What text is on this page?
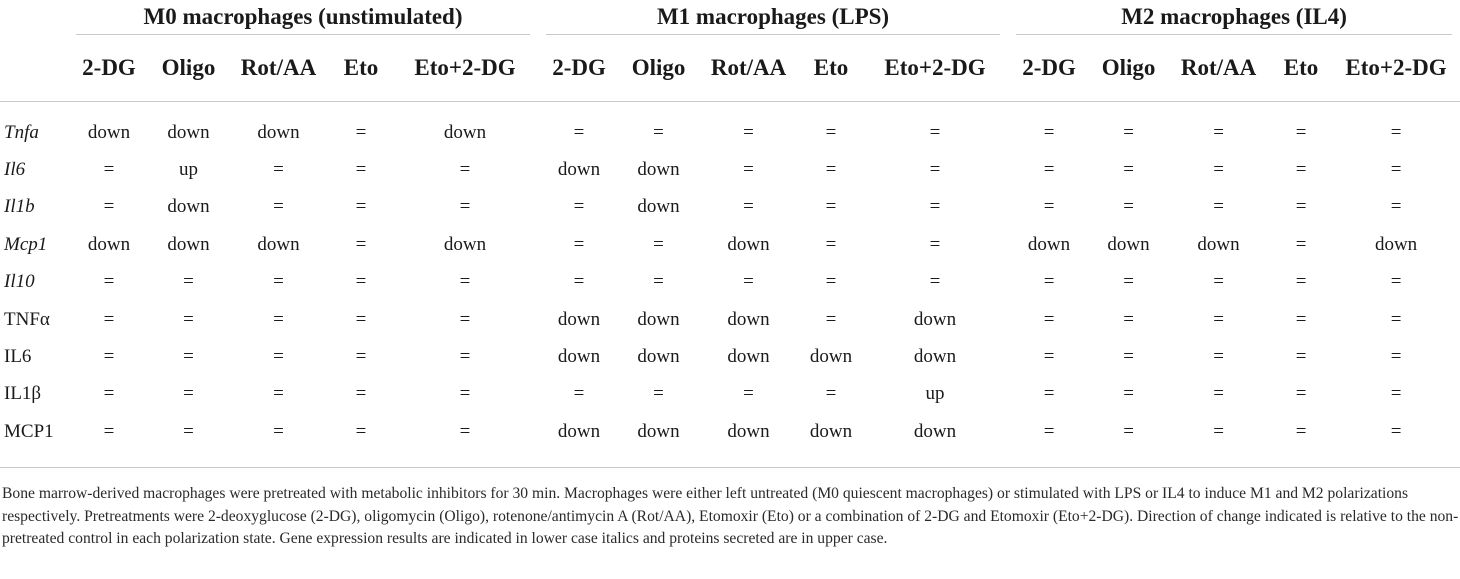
	M0 macrophages (unstimulated)					M1 macrophages (LPS)					M2 macrophages (IL4)				

	2-DG	Oligo	Rot/AA	Eto	Eto+2-DG	2-DG	Oligo	Rot/AA	Eto	Eto+2-DG	2-DG	Oligo	Rot/AA	Eto	Eto+2-DG

Tnfa	down	down	down	=	down	=	=	=	=	=	=	=	=	=	=
Il6	=	up	=	=	=	down	down	=	=	=	=	=	=	=	=
Il1b	=	down	=	=	=	=	down	=	=	=	=	=	=	=	=
Mcp1	down	down	down	=	down	=	=	down	=	=	down	down	down	=	down
Il10	=	=	=	=	=	=	=	=	=	=	=	=	=	=	=
TNFα	=	=	=	=	=	down	down	down	=	down	=	=	=	=	=
IL6	=	=	=	=	=	down	down	down	down	down	=	=	=	=	=
IL1β	=	=	=	=	=	=	=	=	=	up	=	=	=	=	=
MCP1	=	=	=	=	=	down	down	down	down	down	=	=	=	=	=

Bone marrow-derived macrophages were pretreated with metabolic inhibitors for 30 min. Macrophages were either left untreated (M0 quiescent macrophages) or stimulated with LPS or IL4 to induce M1 and M2 polarizations respectively. Pretreatments were 2-deoxyglucose (2-DG), oligomycin (Oligo), rotenone/antimycin A (Rot/AA), Etomoxir (Eto) or a combination of 2-DG and Etomoxir (Eto+2-DG). Direction of change indicated is relative to the non-pretreated control in each polarization state. Gene expression results are indicated in lower case italics and proteins secreted are in upper case.
